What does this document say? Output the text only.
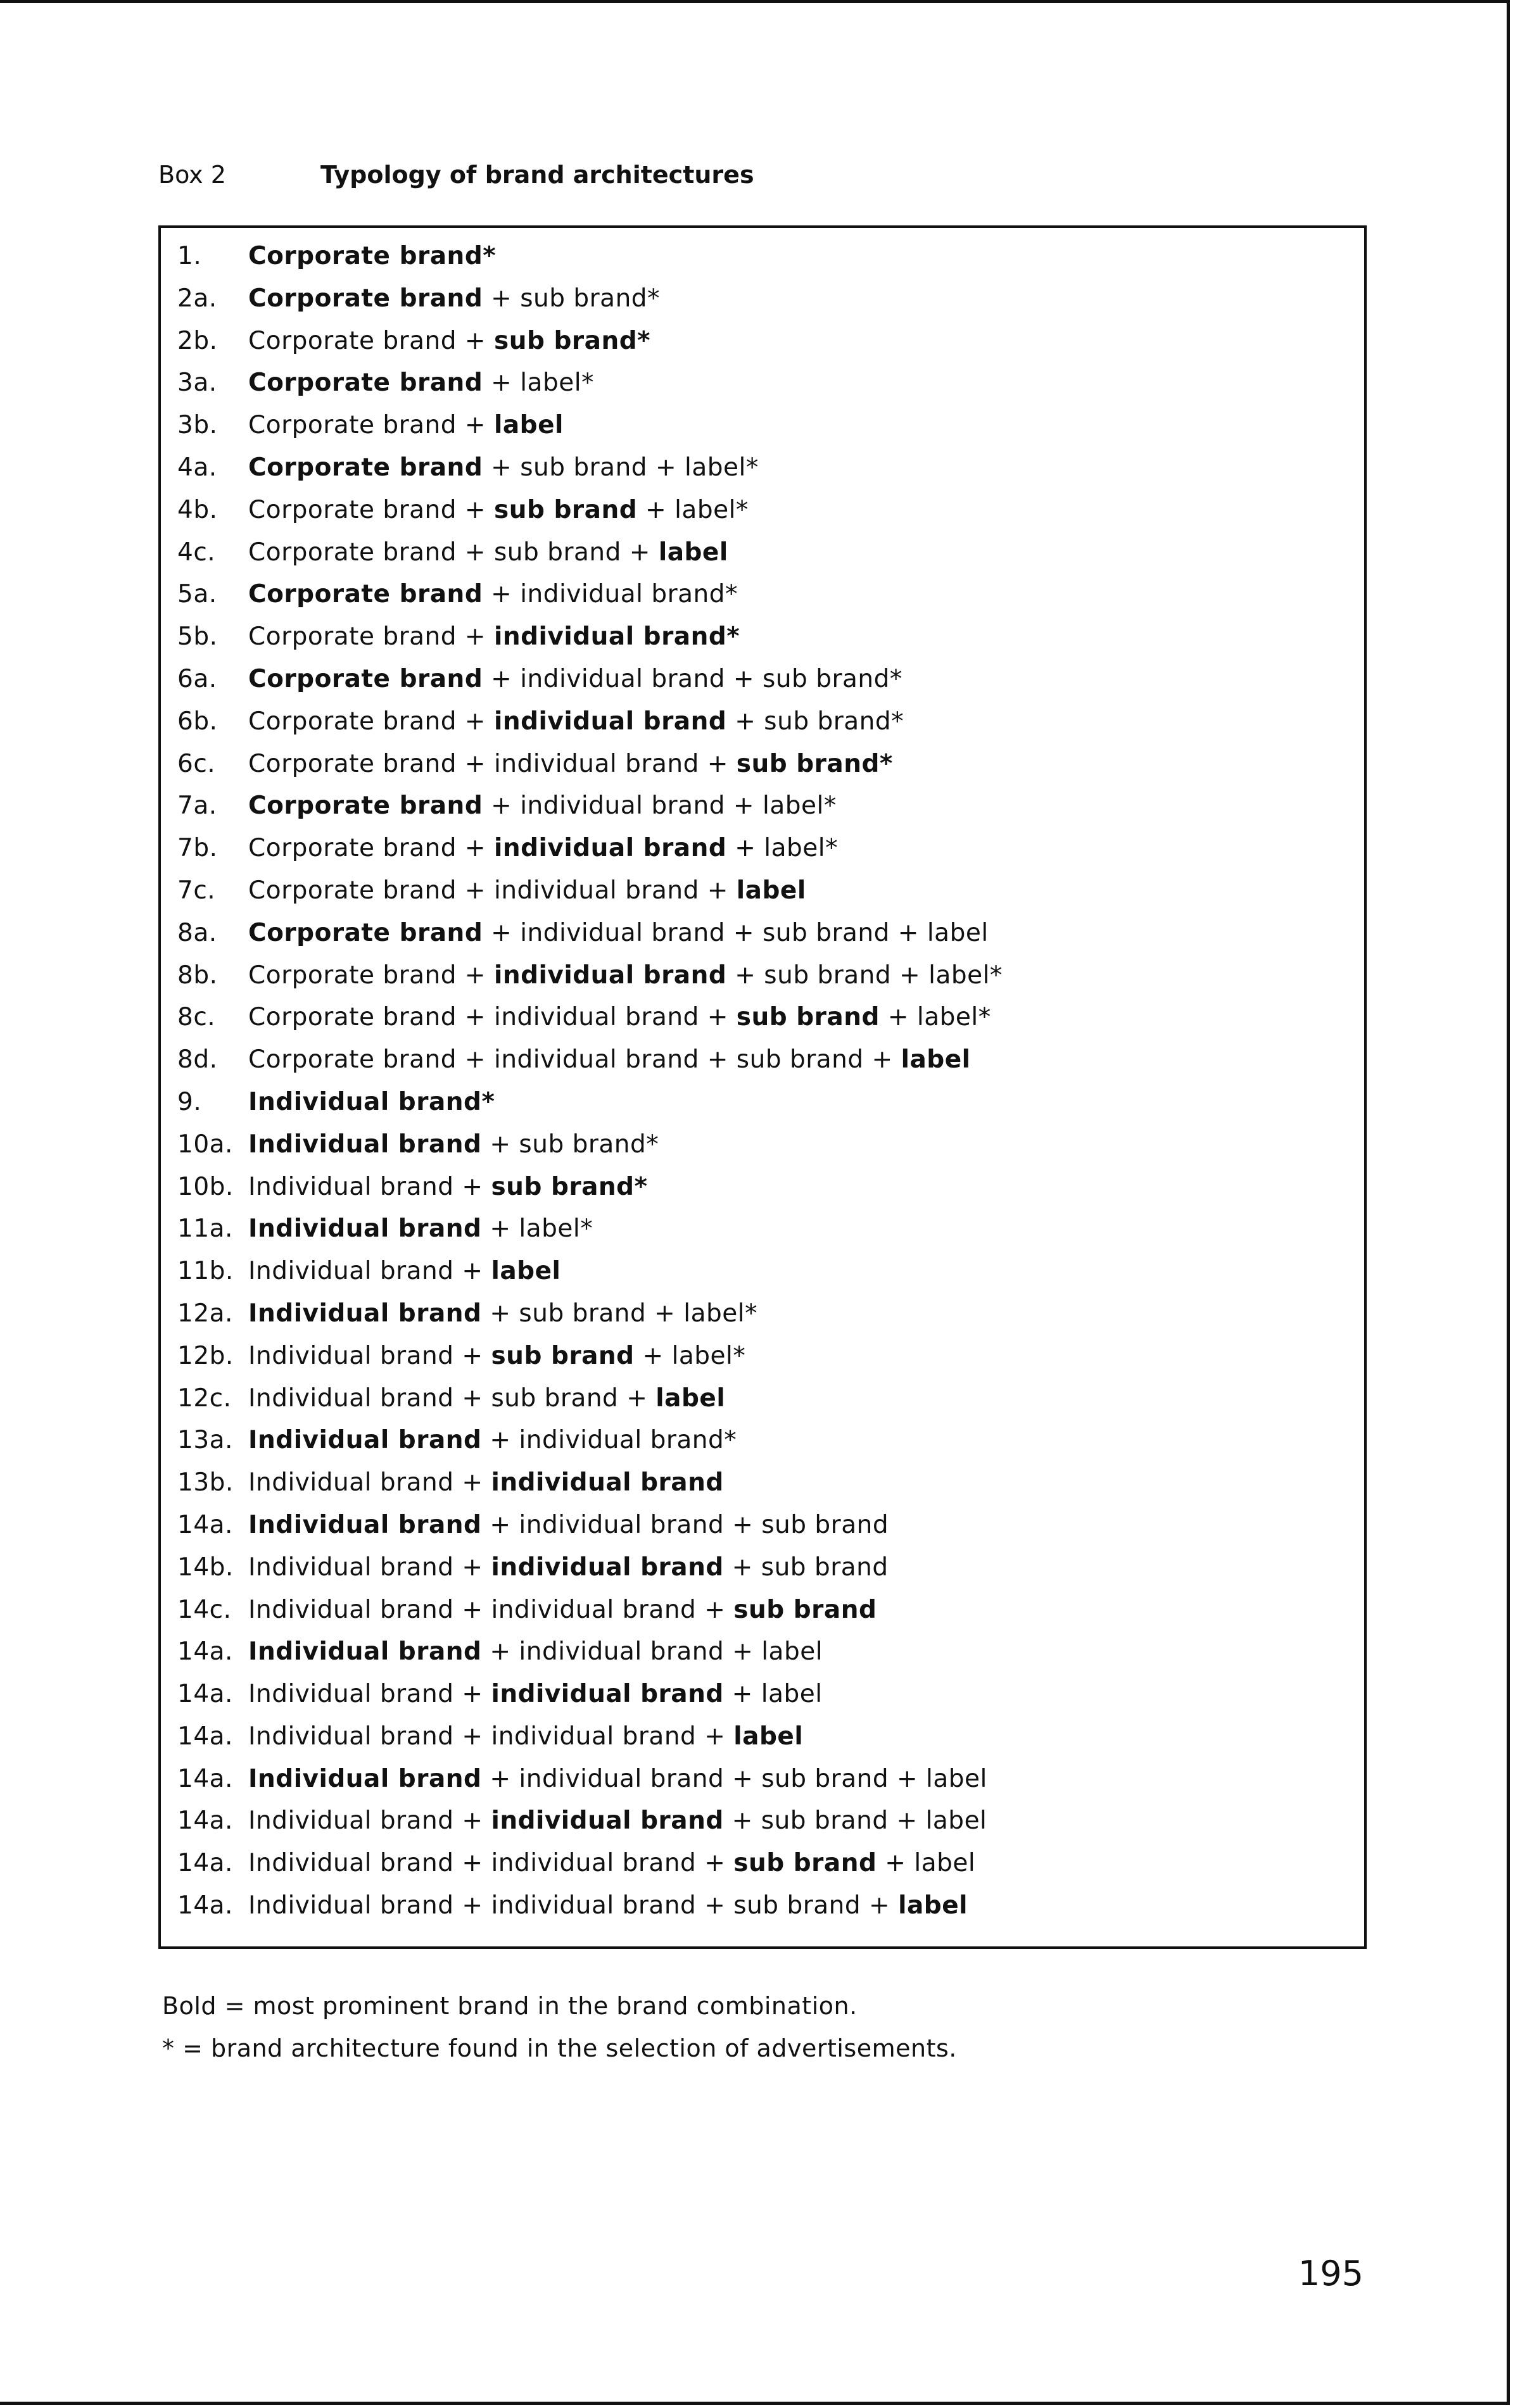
Box 2	Typology of brand architectures
1. Corporate brand*
2a. Corporate brand + sub brand*
2b. Corporate brand + sub brand*
3a. Corporate brand + label*
3b. Corporate brand + label
4a. Corporate brand + sub brand + label*
4b. Corporate brand + sub brand + label*
4c. Corporate brand + sub brand + label
5a. Corporate brand + individual brand*
5b. Corporate brand + individual brand*
6a. Corporate brand + individual brand + sub brand*
6b. Corporate brand + individual brand + sub brand*
6c. Corporate brand + individual brand + sub brand*
7a. Corporate brand + individual brand + label*
7b. Corporate brand + individual brand + label*
7c. Corporate brand + individual brand + label
8a. Corporate brand + individual brand + sub brand + label
8b. Corporate brand + individual brand + sub brand + label*
8c. Corporate brand + individual brand + sub brand + label*
8d. Corporate brand + individual brand + sub brand + label
9. Individual brand*
10a. Individual brand + sub brand*
10b. Individual brand + sub brand*
11a. Individual brand + label*
11b. Individual brand + label
12a. Individual brand + sub brand + label*
12b. Individual brand + sub brand + label*
12c. Individual brand + sub brand + label
13a. Individual brand + individual brand*
13b. Individual brand + individual brand
14a. Individual brand + individual brand + sub brand
14b. Individual brand + individual brand + sub brand
14c. Individual brand + individual brand + sub brand
14a. Individual brand + individual brand + label
14a. Individual brand + individual brand + label
14a. Individual brand + individual brand + label
14a. Individual brand + individual brand + sub brand + label
14a. Individual brand + individual brand + sub brand + label
14a. Individual brand + individual brand + sub brand + label
14a. Individual brand + individual brand + sub brand + label
Bold = most prominent brand in the brand combination.
* = brand architecture found in the selection of advertisements.
195
